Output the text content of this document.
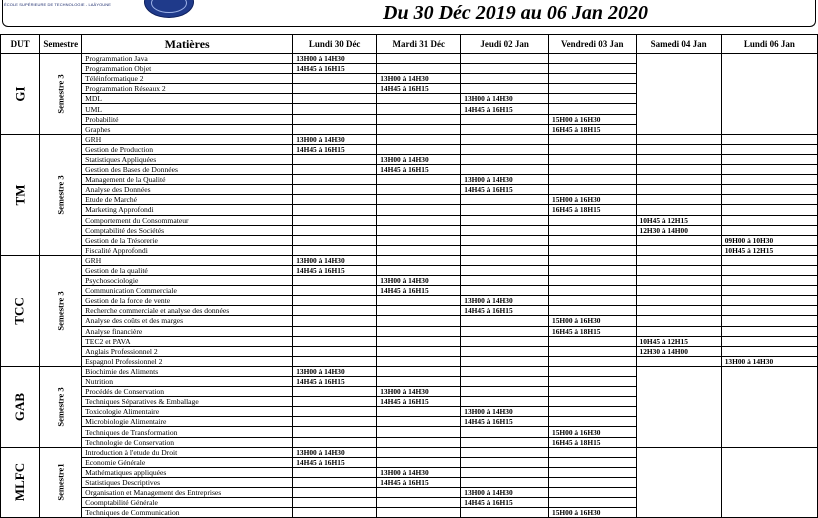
ÉCOLE SUPÉRIEURE DE TECHNOLOGIE - LAÂYOUNE	Du 30 Déc 2019 au 06 Jan 2020
DUT	Semestre	Matières	Lundi 30 Déc	Mardi 31 Déc	Jeudi 02 Jan	Vendredi 03 Jan	Samedi 04 Jan	Lundi 06 Jan
GI	Semestre 3	Programmation Java	13H00 à 14H30					
		Programmation Objet	14H45 à 16H15					
		Téléinformatique 2		13H00 à 14H30				
		Programmation Réseaux 2		14H45 à 16H15				
		MDL			13H00 à 14H30			
		UML			14H45 à 16H15			
		Probabilité				15H00 à 16H30		
		Graphes				16H45 à 18H15		
TM	Semestre 3	GRH	13H00 à 14H30					
		Gestion de Production	14H45 à 16H15					
		Statistiques Appliquées		13H00 à 14H30				
		Gestion des Bases de Données		14H45 à 16H15				
		Management de la Qualité			13H00 à 14H30			
		Analyse des Données			14H45 à 16H15			
		Etude de Marché				15H00 à 16H30		
		Marketing Approfondi				16H45 à 18H15		
		Comportement du Consommateur					10H45 à 12H15	
		Comptabilité des Sociétés					12H30 à 14H00	
		Gestion de la Trésorerie						09H00 à 10H30
		Fiscalité Approfondi						10H45 à 12H15
TCC	Semestre 3	GRH	13H00 à 14H30					
		Gestion de la qualité	14H45 à 16H15					
		Psychosociologie		13H00 à 14H30				
		Communication Commerciale		14H45 à 16H15				
		Gestion de la force de vente			13H00 à 14H30			
		Recherche commerciale et analyse des données			14H45 à 16H15			
		Analyse des coûts et des marges				15H00 à 16H30		
		Analyse financière				16H45 à 18H15		
		TEC2 et PAVA					10H45 à 12H15	
		Anglais Professionnel 2					12H30 à 14H00	
		Espagnol Professionnel 2						13H00 à 14H30
GAB	Semestre 3	Biochimie des Aliments	13H00 à 14H30					
		Nutrition	14H45 à 16H15					
		Procédés de Conservation		13H00 à 14H30				
		Techniques Séparatives & Emballage		14H45 à 16H15				
		Toxicologie Alimentaire			13H00 à 14H30			
		Microbiologie Alimentaire			14H45 à 16H15			
		Techniques de Transformation				15H00 à 16H30		
		Technologie de Conservation				16H45 à 18H15		
MLFC	Semestre1	Introduction à l'etude du Droit	13H00 à 14H30					
		Economie Générale	14H45 à 16H15					
		Mathématiques appliquées		13H00 à 14H30				
		Statistiques Descriptives		14H45 à 16H15				
		Organisation et Management des Entreprises			13H00 à 14H30			
		Coomptabilité Générale			14H45 à 16H15			
		Techniques de Communication				15H00 à 16H30		
